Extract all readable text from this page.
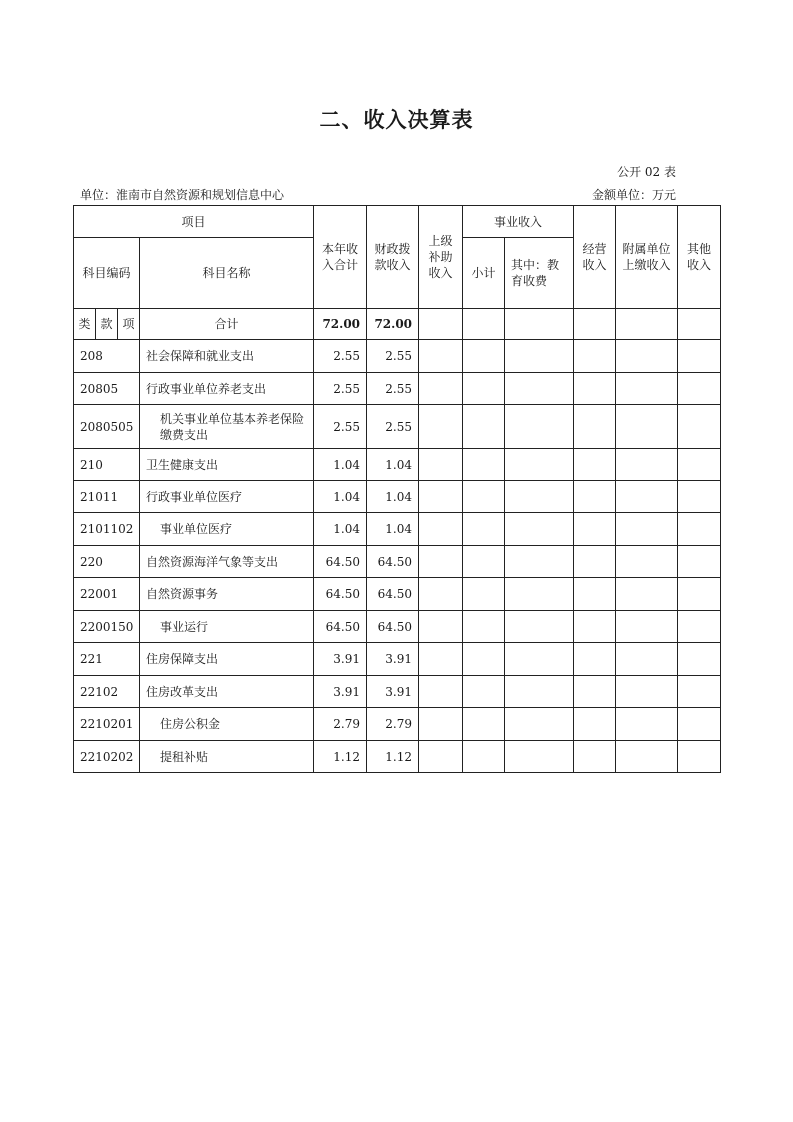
二、收入决算表
公开 02 表
单位：淮南市自然资源和规划信息中心	金额单位：万元
项目				本年收入合计	财政拨款收入	上级补助收入	事业收入		经营收入	附属单位上缴收入	其他收入
科目编码			科目名称				小计	其中：教育收费			
类	款	项	合计	72.00	72.00						
208			社会保障和就业支出	2.55	2.55						
20805			行政事业单位养老支出	2.55	2.55						
2080505			机关事业单位基本养老保险缴费支出	2.55	2.55						
210			卫生健康支出	1.04	1.04						
21011			行政事业单位医疗	1.04	1.04						
2101102			事业单位医疗	1.04	1.04						
220			自然资源海洋气象等支出	64.50	64.50						
22001			自然资源事务	64.50	64.50						
2200150			事业运行	64.50	64.50						
221			住房保障支出	3.91	3.91						
22102			住房改革支出	3.91	3.91						
2210201			住房公积金	2.79	2.79						
2210202			提租补贴	1.12	1.12						
